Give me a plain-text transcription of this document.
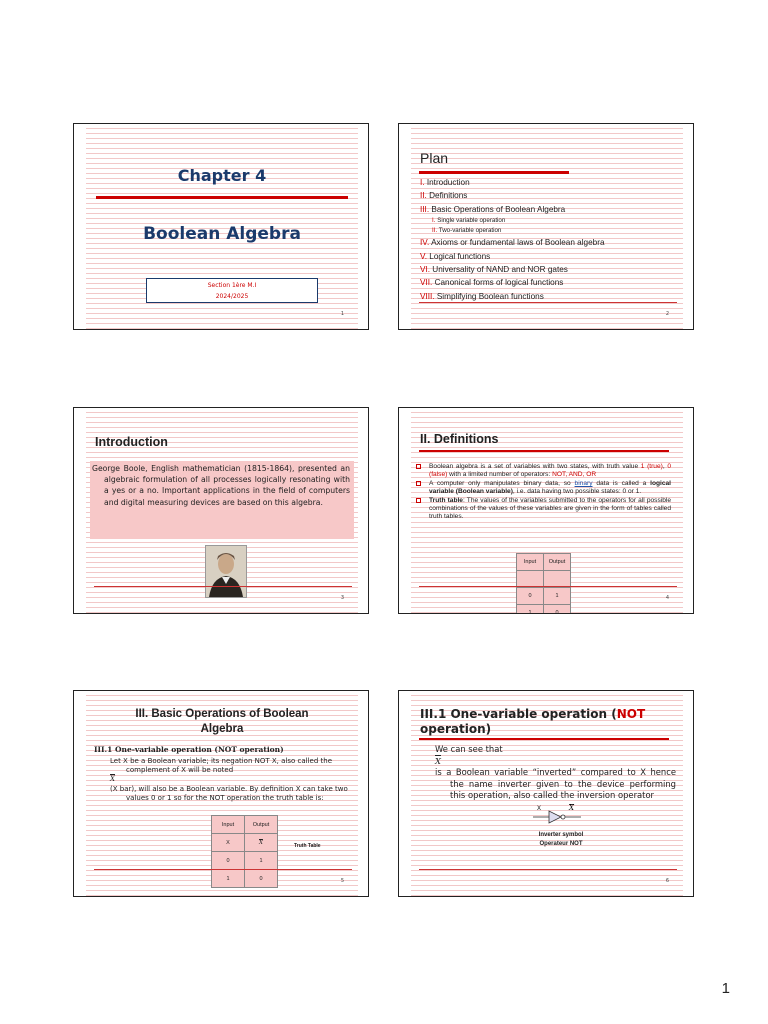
Chapter 4
Boolean Algebra
Section 1ère M.I
2024/2025
1
Plan
I. Introduction
II. Definitions
III. Basic Operations of Boolean Algebra
I. Single variable operation
II. Two-variable operation
IV. Axioms or fundamental laws of Boolean algebra
V. Logical functions
VI. Universality of NAND and NOR gates
VII. Canonical forms of logical functions
VIII. Simplifying Boolean functions
2
Introduction
George Boole, English mathematician (1815-1864), presented an algebraic formulation of all processes logically resonating with a yes or a no. Important applications in the field of computers and digital measuring devices are based on this algebra.
3
II. Definitions
Boolean algebra is a set of variables with two states, with truth value 1 (true), 0 (false) with a limited number of operators: NOT, AND, OR
A computer only manipulates binary data, so binary data is called a logical variable (Boolean variable), i.e. data having two possible states: 0 or 1.
Truth table: The values of the variables submitted to the operators for all possible combinations of the values of these variables are given in the form of tables called truth tables.
Input	Output

0	1
1	0
4
III. Basic Operations of Boolean
Algebra
III.1 One-variable operation (NOT operation)
Let X be a Boolean variable; its negation NOT X, also called the complement of X will be noted
$\overline{X}$
(X bar), will also be a Boolean variable. By definition X can take two values 0 or 1 so for the NOT operation the truth table is:
Input	Output
X	$\overline{X}$
0	1
1	0
Truth Table
5
III.1 One-variable operation (NOT
operation)
We can see that
$\overline{X}$
is a Boolean variable “inverted” compared to X hence the name inverter given to the device performing this operation, also called the inversion operator
X	X
Inverter symbol
Operateur NOT
6
1
